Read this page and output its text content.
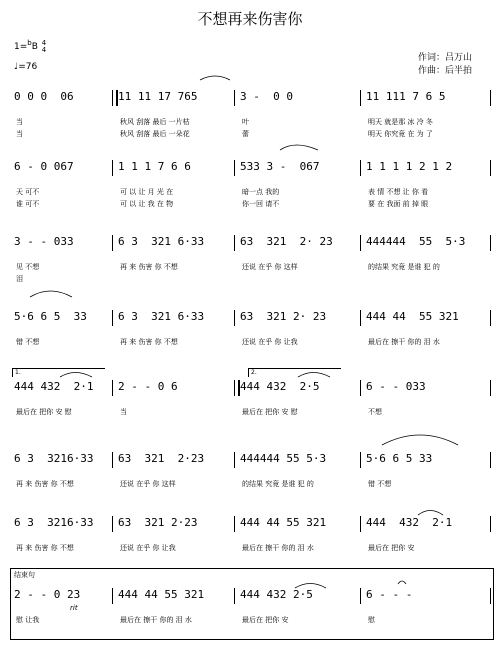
不想再来伤害你
1=$^b$B 4
4
♩=76
作词：吕万山
作曲：后半拍
0 0 0  06
当
当
11 11 17 765
秋风 刮落 最后 一片枯
秋风 刮落 最后 一朵花
3 -  0 0
叶
蕾
11 111 7 6 5
明天 就是那 冰 冷 冬
明天 你究竟 在 为 了
6 - 0 067
天 可不
谁 可不
1 1 1 7 6 6
可 以 让 月 光 在
可 以 让 我 在 物
533 3 -  067
暗一点 我的
你一回 请不
1 1 1 1 2 1 2
表 情 不想 让 你 看
要 在 我面 前 掉 眼
3 - - 033
见 不想
泪
6 3  321 6·33
再 来 伤害 你 不想
63  321  2· 23
还说 在乎 你 这样
444444  55  5·3
的结果 究竟 是谁 犯 的
5·6 6 5  33
错 不想
6 3  321 6·33
再 来 伤害 你 不想
63  321 2· 23
还说 在乎 你 让我
444 44  55 321
最后在 擦干 你的 泪 水
444 432  2·1
最后在 把你 安 慰
2 - - 0 6
当
444 432  2·5
最后在 把你 安 慰
6 - - 033
不想
6 3  3216·33
再 来 伤害 你 不想
63  321  2·23
还说 在乎 你 这样
444444 55 5·3
的结果 究竟 是谁 犯 的
5·6 6 5 33
错 不想
6 3  3216·33
再 来 伤害 你 不想
63  321 2·23
还说 在乎 你 让我
444 44 55 321
最后在 擦干 你的 泪 水
444  432  2·1
最后在 把你 安
2 - - 0 23
慰 让我
444 44 55 321
最后在 擦干 你的 泪 水
444 432 2·5
最后在 把你 安
6 - - -
慰
结束句
rit
1.	2.
